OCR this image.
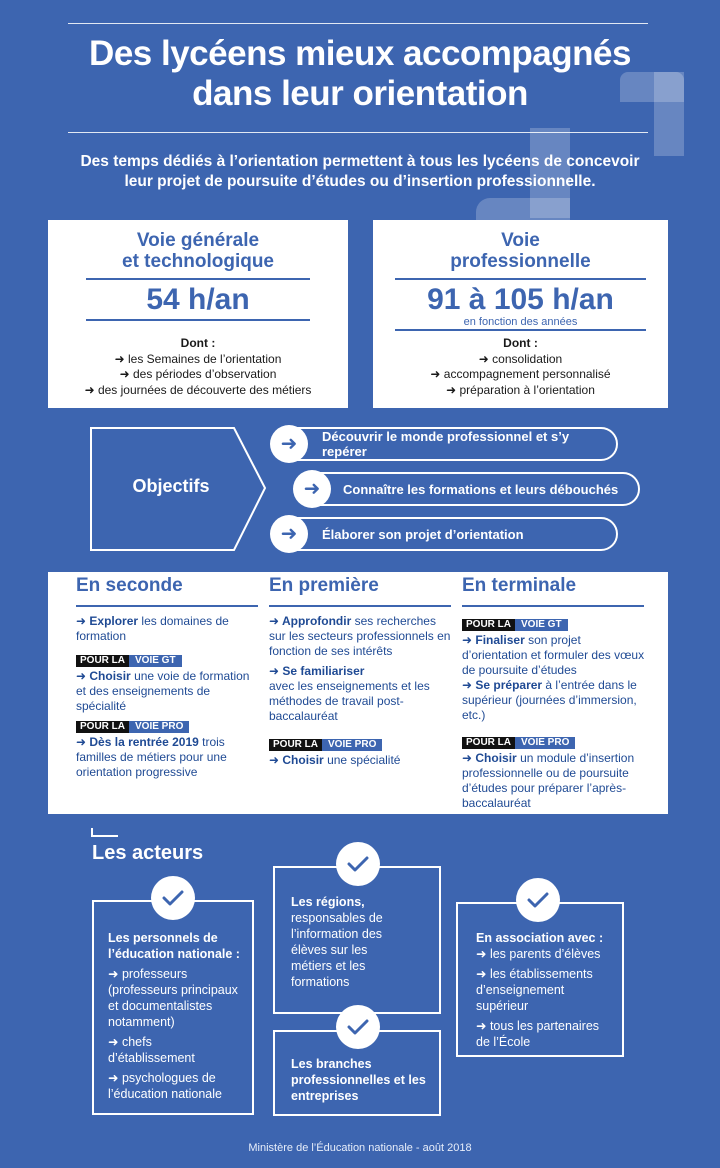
Des lycéens mieux accompagnés
dans leur orientation

Des temps dédiés à l’orientation permettent à tous les lycéens de concevoir
leur projet de poursuite d’études ou d’insertion professionnelle.

Voie générale
et technologique
54 h/an
Dont :
➜ les Semaines de l’orientation
➜ des périodes d’observation
➜ des journées de découverte des métiers
Voie
professionnelle
91 à 105 h/an
en fonction des années
Dont :
➜ consolidation
➜ accompagnement personnalisé
➜ préparation à l’orientation
Objectifs
Découvrir le monde professionnel et s’y repérer
➜
Connaître les formations et leurs débouchés
➜
Élaborer son projet d’orientation
➜
En seconde
➜ Explorer les domaines de formation
POUR LA	VOIE GT

➜ Choisir une voie de formation et des enseignements de spécialité
POUR LA	VOIE PRO

➜ Dès la rentrée 2019 trois familles de métiers pour une orientation progressive
En première
➜ Approfondir ses recherches sur les secteurs professionnels en fonction de ses intérêts
➜ Se familiariser
avec les enseignements et les méthodes de travail post-baccalauréat
POUR LA	VOIE PRO

➜ Choisir une spécialité
En terminale
POUR LA	VOIE GT

➜ Finaliser son projet d’orientation et formuler des vœux de poursuite d’études
➜ Se préparer à l’entrée dans le supérieur (journées d’immersion, etc.)
POUR LA	VOIE PRO

➜ Choisir un module d’insertion professionnelle ou de poursuite d’études pour préparer l’après-baccalauréat
Les acteurs
Les personnels de l’éducation nationale :
➜ professeurs (professeurs principaux et documentalistes notamment)
➜ chefs d’établissement
➜ psychologues de l’éducation nationale
Les régions,
responsables de l’information des élèves sur les métiers et les formations
Les branches professionnelles et les entreprises
En association avec :
➜ les parents d’élèves
➜ les établissements d’enseignement supérieur
➜ tous les partenaires de l’École
Ministère de l’Éducation nationale - août 2018
